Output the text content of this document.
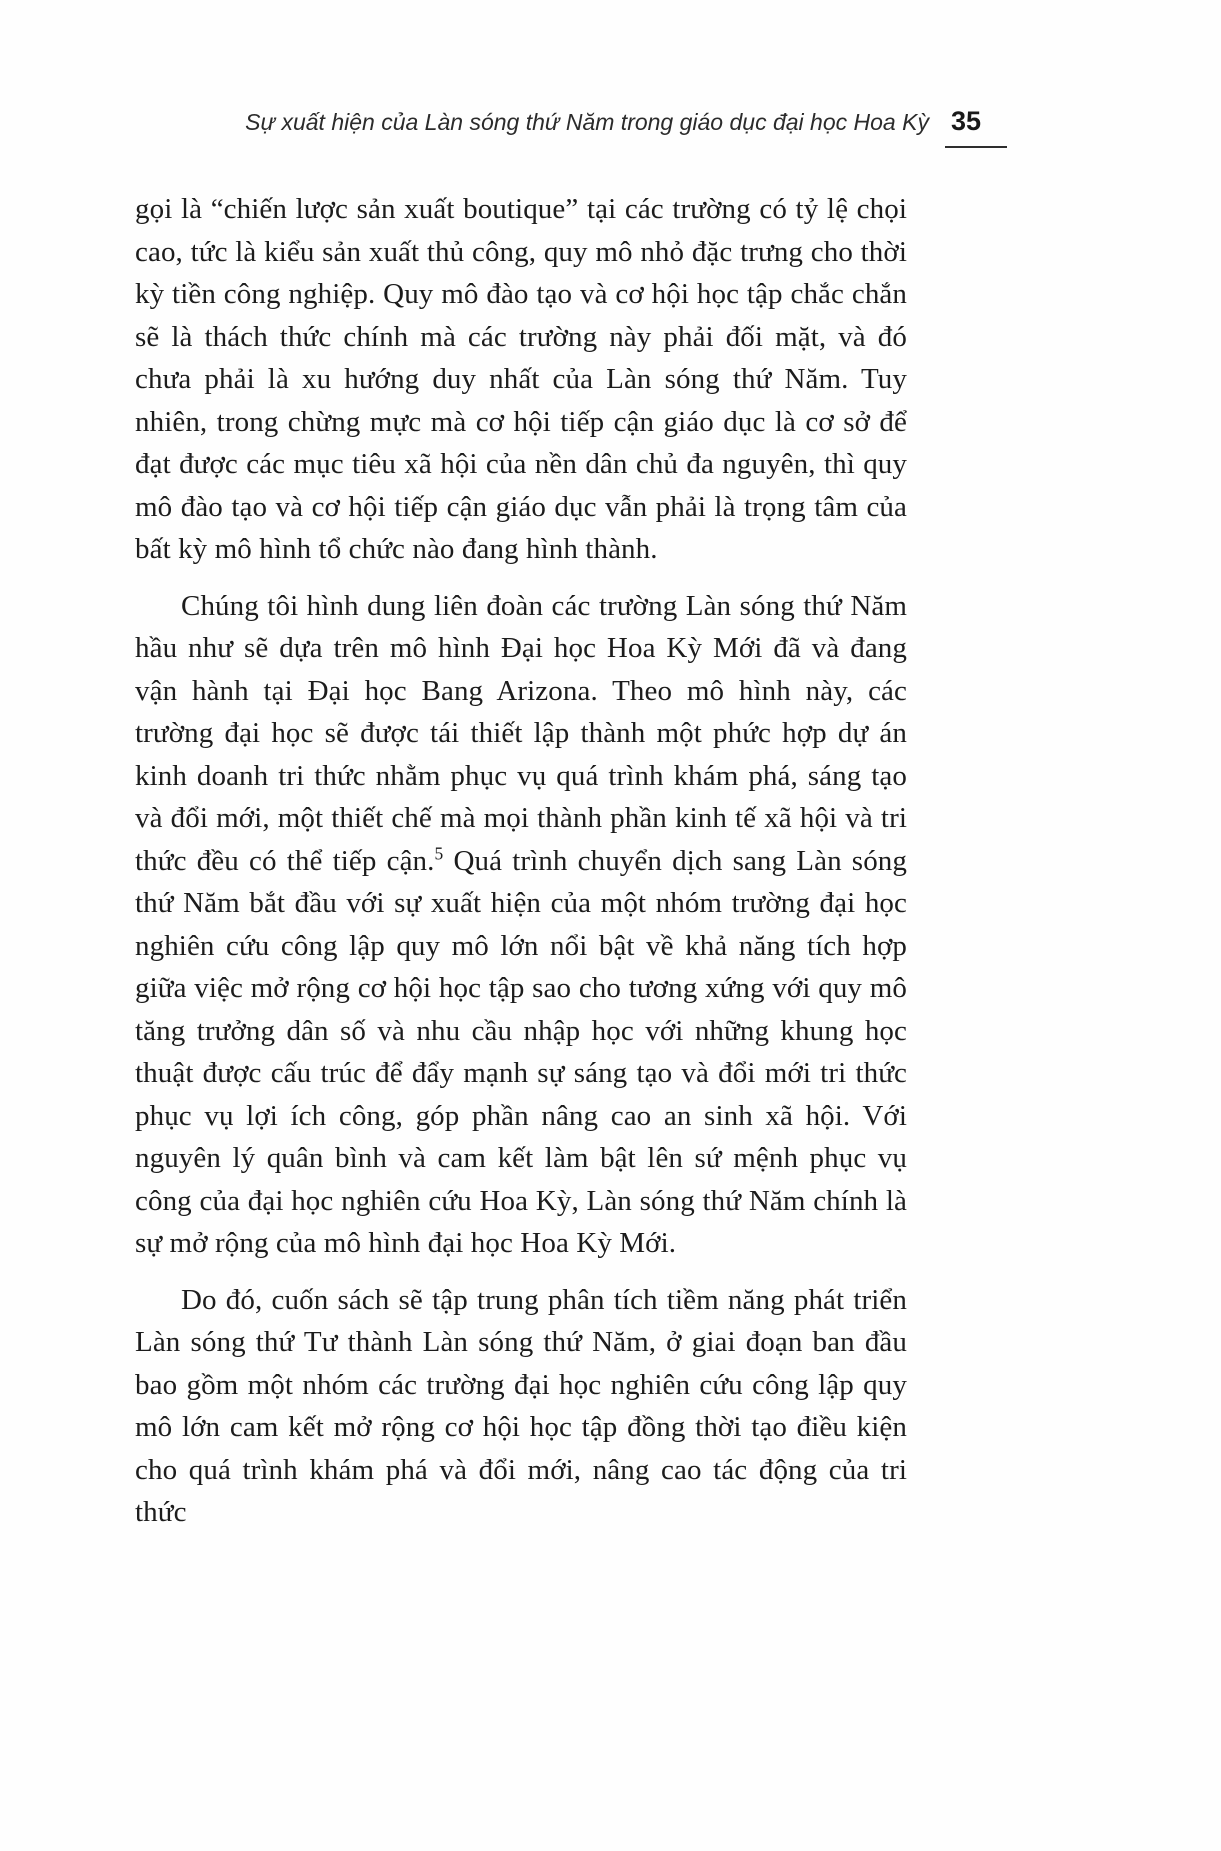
Sự xuất hiện của Làn sóng thứ Năm trong giáo dục đại học Hoa Kỳ 35

gọi là “chiến lược sản xuất boutique” tại các trường có tỷ lệ chọi cao, tức là kiểu sản xuất thủ công, quy mô nhỏ đặc trưng cho thời kỳ tiền công nghiệp. Quy mô đào tạo và cơ hội học tập chắc chắn sẽ là thách thức chính mà các trường này phải đối mặt, và đó chưa phải là xu hướng duy nhất của Làn sóng thứ Năm. Tuy nhiên, trong chừng mực mà cơ hội tiếp cận giáo dục là cơ sở để đạt được các mục tiêu xã hội của nền dân chủ đa nguyên, thì quy mô đào tạo và cơ hội tiếp cận giáo dục vẫn phải là trọng tâm của bất kỳ mô hình tổ chức nào đang hình thành.

Chúng tôi hình dung liên đoàn các trường Làn sóng thứ Năm hầu như sẽ dựa trên mô hình Đại học Hoa Kỳ Mới đã và đang vận hành tại Đại học Bang Arizona. Theo mô hình này, các trường đại học sẽ được tái thiết lập thành một phức hợp dự án kinh doanh tri thức nhằm phục vụ quá trình khám phá, sáng tạo và đổi mới, một thiết chế mà mọi thành phần kinh tế xã hội và tri thức đều có thể tiếp cận.$^5$ Quá trình chuyển dịch sang Làn sóng thứ Năm bắt đầu với sự xuất hiện của một nhóm trường đại học nghiên cứu công lập quy mô lớn nổi bật về khả năng tích hợp giữa việc mở rộng cơ hội học tập sao cho tương xứng với quy mô tăng trưởng dân số và nhu cầu nhập học với những khung học thuật được cấu trúc để đẩy mạnh sự sáng tạo và đổi mới tri thức phục vụ lợi ích công, góp phần nâng cao an sinh xã hội. Với nguyên lý quân bình và cam kết làm bật lên sứ mệnh phục vụ công của đại học nghiên cứu Hoa Kỳ, Làn sóng thứ Năm chính là sự mở rộng của mô hình đại học Hoa Kỳ Mới.

Do đó, cuốn sách sẽ tập trung phân tích tiềm năng phát triển Làn sóng thứ Tư thành Làn sóng thứ Năm, ở giai đoạn ban đầu bao gồm một nhóm các trường đại học nghiên cứu công lập quy mô lớn cam kết mở rộng cơ hội học tập đồng thời tạo điều kiện cho quá trình khám phá và đổi mới, nâng cao tác động của tri thức
